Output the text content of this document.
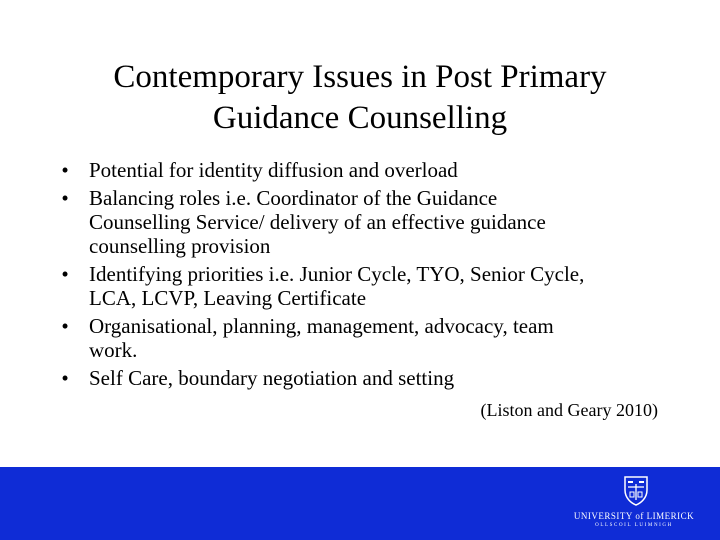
Contemporary Issues in Post Primary
Guidance Counselling
• Potential for identity diffusion and overload
• Balancing roles i.e. Coordinator of the Guidance
Counselling Service/ delivery of an effective guidance
counselling provision
• Identifying priorities i.e. Junior Cycle, TYO, Senior Cycle,
LCA, LCVP, Leaving Certificate
• Organisational, planning, management, advocacy, team
work.
• Self Care, boundary negotiation and setting

(Liston and Geary 2010)

UNIVERSITY of LIMERICK
OLLSCOIL LUIMNIGH
